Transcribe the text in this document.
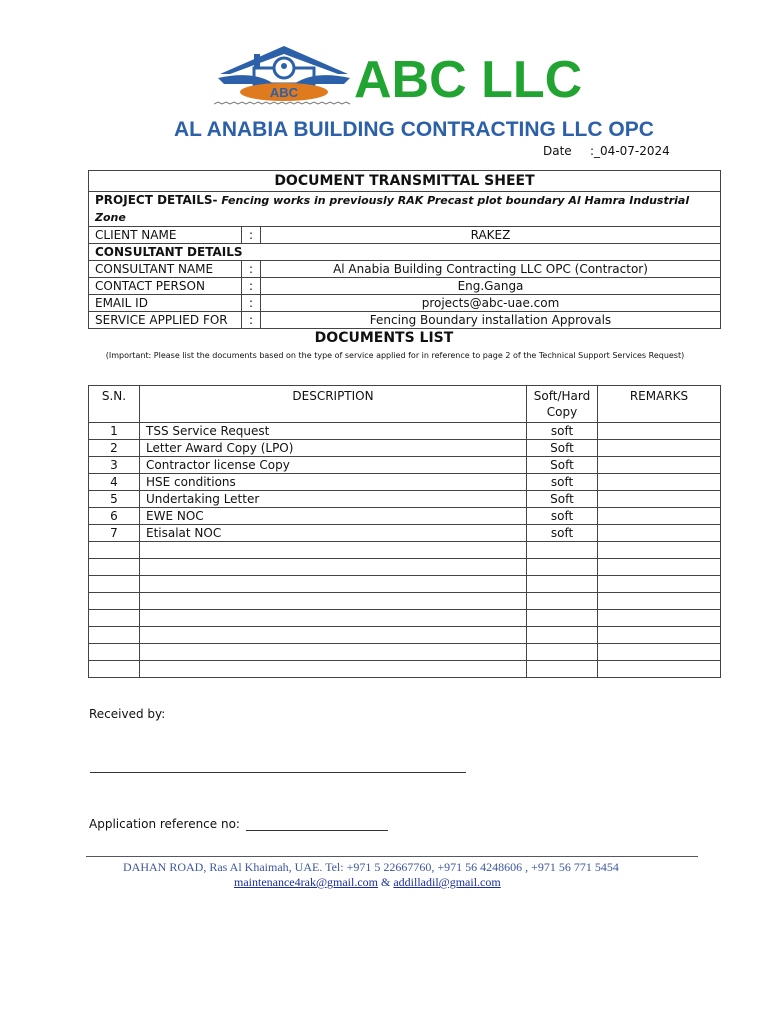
ABC ABC LLC
AL ANABIA BUILDING CONTRACTING LLC OPC
Date :_04-07-2024
DOCUMENT TRANSMITTAL SHEET		
PROJECT DETAILS- Fencing works in previously RAK Precast plot boundary Al Hamra Industrial Zone		
CLIENT NAME	:	RAKEZ
CONSULTANT DETAILS		
CONSULTANT NAME	:	Al Anabia Building Contracting LLC OPC (Contractor)
CONTACT PERSON	:	Eng.Ganga
EMAIL ID	:	projects@abc-uae.com
SERVICE APPLIED FOR	:	Fencing Boundary installation Approvals
DOCUMENTS LIST
(Important: Please list the documents based on the type of service applied for in reference to page 2 of the Technical Support Services Request)
S.N.	DESCRIPTION	Soft/Hard Copy	REMARKS
1	TSS Service Request	soft	
2	Letter Award Copy (LPO)	Soft	
3	Contractor license Copy	Soft	
4	HSE conditions	soft	
5	Undertaking Letter	Soft	
6	EWE NOC	soft	
7	Etisalat NOC	soft	

Received by:
Application reference no:
DAHAN ROAD, Ras Al Khaimah, UAE. Tel: +971 5 22667760, +971 56 4248606 , +971 56 771 5454
maintenance4rak@gmail.com & addilladil@gmail.com
